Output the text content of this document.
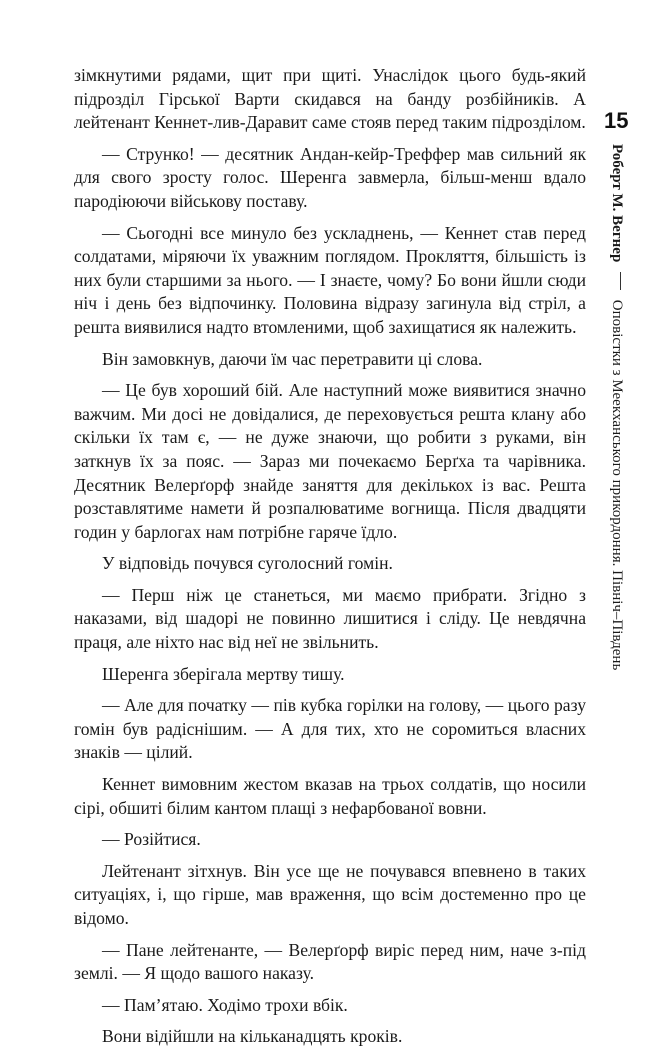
зімкнутими рядами, щит при щиті. Унаслідок цього будь-який підрозділ Гірської Варти скидався на банду розбійників. А лейтенант Кеннет-лив-Даравит саме стояв перед таким підрозділом.

— Струнко! — десятник Андан-кейр-Треффер мав сильний як для свого зросту голос. Шеренга завмерла, більш-менш вдало пародіюючи військову поставу.

— Сьогодні все минуло без ускладнень, — Кеннет став перед солдатами, міряючи їх уважним поглядом. Прокляття, більшість із них були старшими за нього. — І знаєте, чому? Бо вони йшли сюди ніч і день без відпочинку. Половина відразу загинула від стріл, а решта виявилися надто втомленими, щоб захищатися як належить.

Він замовкнув, даючи їм час перетравити ці слова.

— Це був хороший бій. Але наступний може виявитися значно важчим. Ми досі не довідалися, де переховується решта клану або скільки їх там є, — не дуже знаючи, що робити з руками, він заткнув їх за пояс. — Зараз ми почекаємо Берґха та чарівника. Десятник Велерґорф знайде заняття для декількох із вас. Решта розставлятиме намети й розпалюватиме вогнища. Після двадцяти годин у барлогах нам потрібне гаряче їдло.

У відповідь почувся суголосний гомін.

— Перш ніж це станеться, ми маємо прибрати. Згідно з наказами, від шадорі не повинно лишитися і сліду. Це невдячна праця, але ніхто нас від неї не звільнить.

Шеренга зберігала мертву тишу.

— Але для початку — пів кубка горілки на голову, — цього разу гомін був радіснішим. — А для тих, хто не соромиться власних знаків — цілий.

Кеннет вимовним жестом вказав на трьох солдатів, що носили сірі, обшиті білим кантом плащі з нефарбованої вовни.

— Розійтися.

Лейтенант зітхнув. Він усе ще не почувався впевнено в таких ситуаціях, і, що гірше, мав враження, що всім достеменно про це відомо.

— Пане лейтенанте, — Велерґорф виріс перед ним, наче з-під землі. — Я щодо вашого наказу.

— Пам’ятаю. Ходімо трохи вбік.

Вони відійшли на кільканадцять кроків.

15
Роберт М. Вегнер  Оповістки з Меекханського прикордоння. Північ–Південь
